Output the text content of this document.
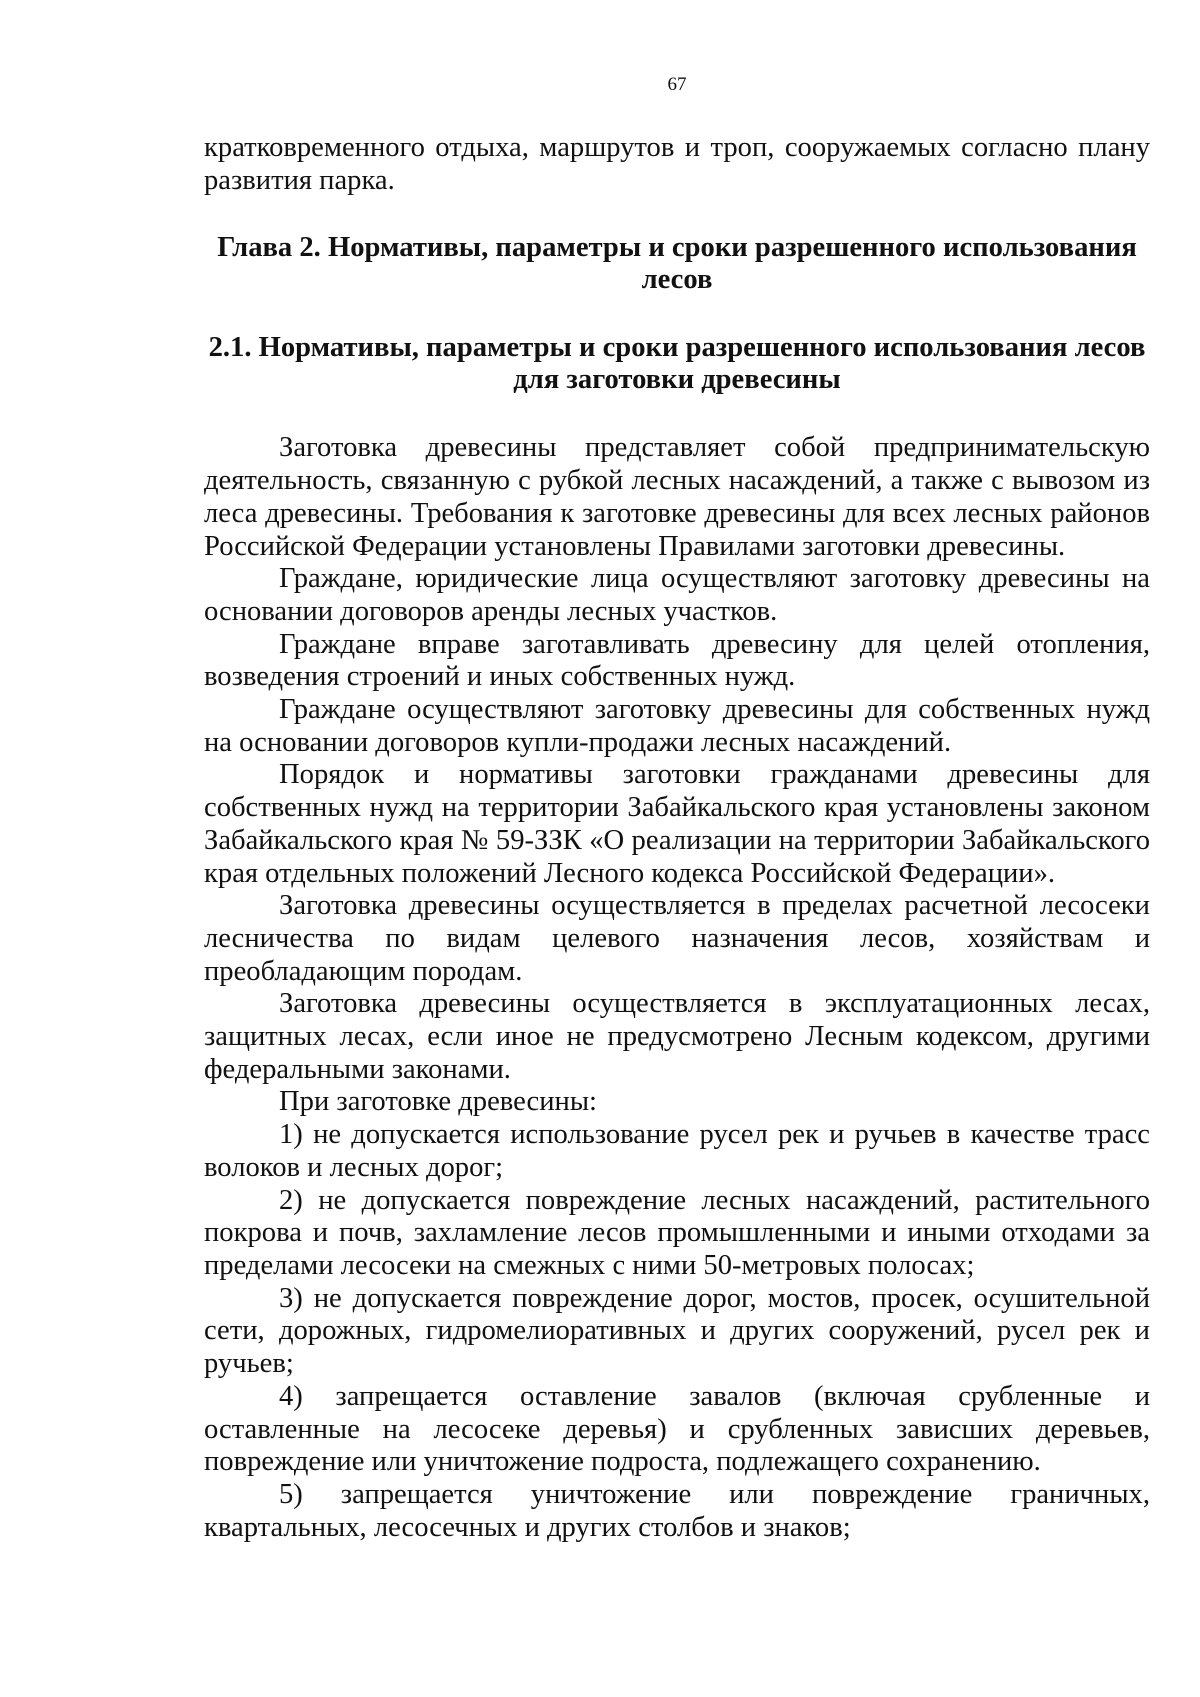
67

кратковременного отдыха, маршрутов и троп, сооружаемых согласно плану развития парка.

Глава 2. Нормативы, параметры и сроки разрешенного использования лесов
2.1. Нормативы, параметры и сроки разрешенного использования лесов для заготовки древесины

Заготовка древесины представляет собой предпринимательскую деятельность, связанную с рубкой лесных насаждений, а также с вывозом из леса древесины. Требования к заготовке древесины для всех лесных районов Российской Федерации установлены Правилами заготовки древесины.

Граждане, юридические лица осуществляют заготовку древесины на основании договоров аренды лесных участков.

Граждане вправе заготавливать древесину для целей отопления, возведения строений и иных собственных нужд.

Граждане осуществляют заготовку древесины для собственных нужд на основании договоров купли-продажи лесных насаждений.

Порядок и нормативы заготовки гражданами древесины для собственных нужд на территории Забайкальского края установлены законом Забайкальского края № 59-ЗЗК «О реализации на территории Забайкальского края отдельных положений Лесного кодекса Российской Федерации».

Заготовка древесины осуществляется в пределах расчетной лесосеки лесничества по видам целевого назначения лесов, хозяйствам и преобладающим породам.

Заготовка древесины осуществляется в эксплуатационных лесах, защитных лесах, если иное не предусмотрено Лесным кодексом, другими федеральными законами.

При заготовке древесины:

1) не допускается использование русел рек и ручьев в качестве трасс волоков и лесных дорог;

2) не допускается повреждение лесных насаждений, растительного покрова и почв, захламление лесов промышленными и иными отходами за пределами лесосеки на смежных с ними 50-метровых полосах;

3) не допускается повреждение дорог, мостов, просек, осушительной сети, дорожных, гидромелиоративных и других сооружений, русел рек и ручьев;

4) запрещается оставление завалов (включая срубленные и оставленные на лесосеке деревья) и срубленных зависших деревьев, повреждение или уничтожение подроста, подлежащего сохранению.

5) запрещается уничтожение или повреждение граничных, квартальных, лесосечных и других столбов и знаков;
